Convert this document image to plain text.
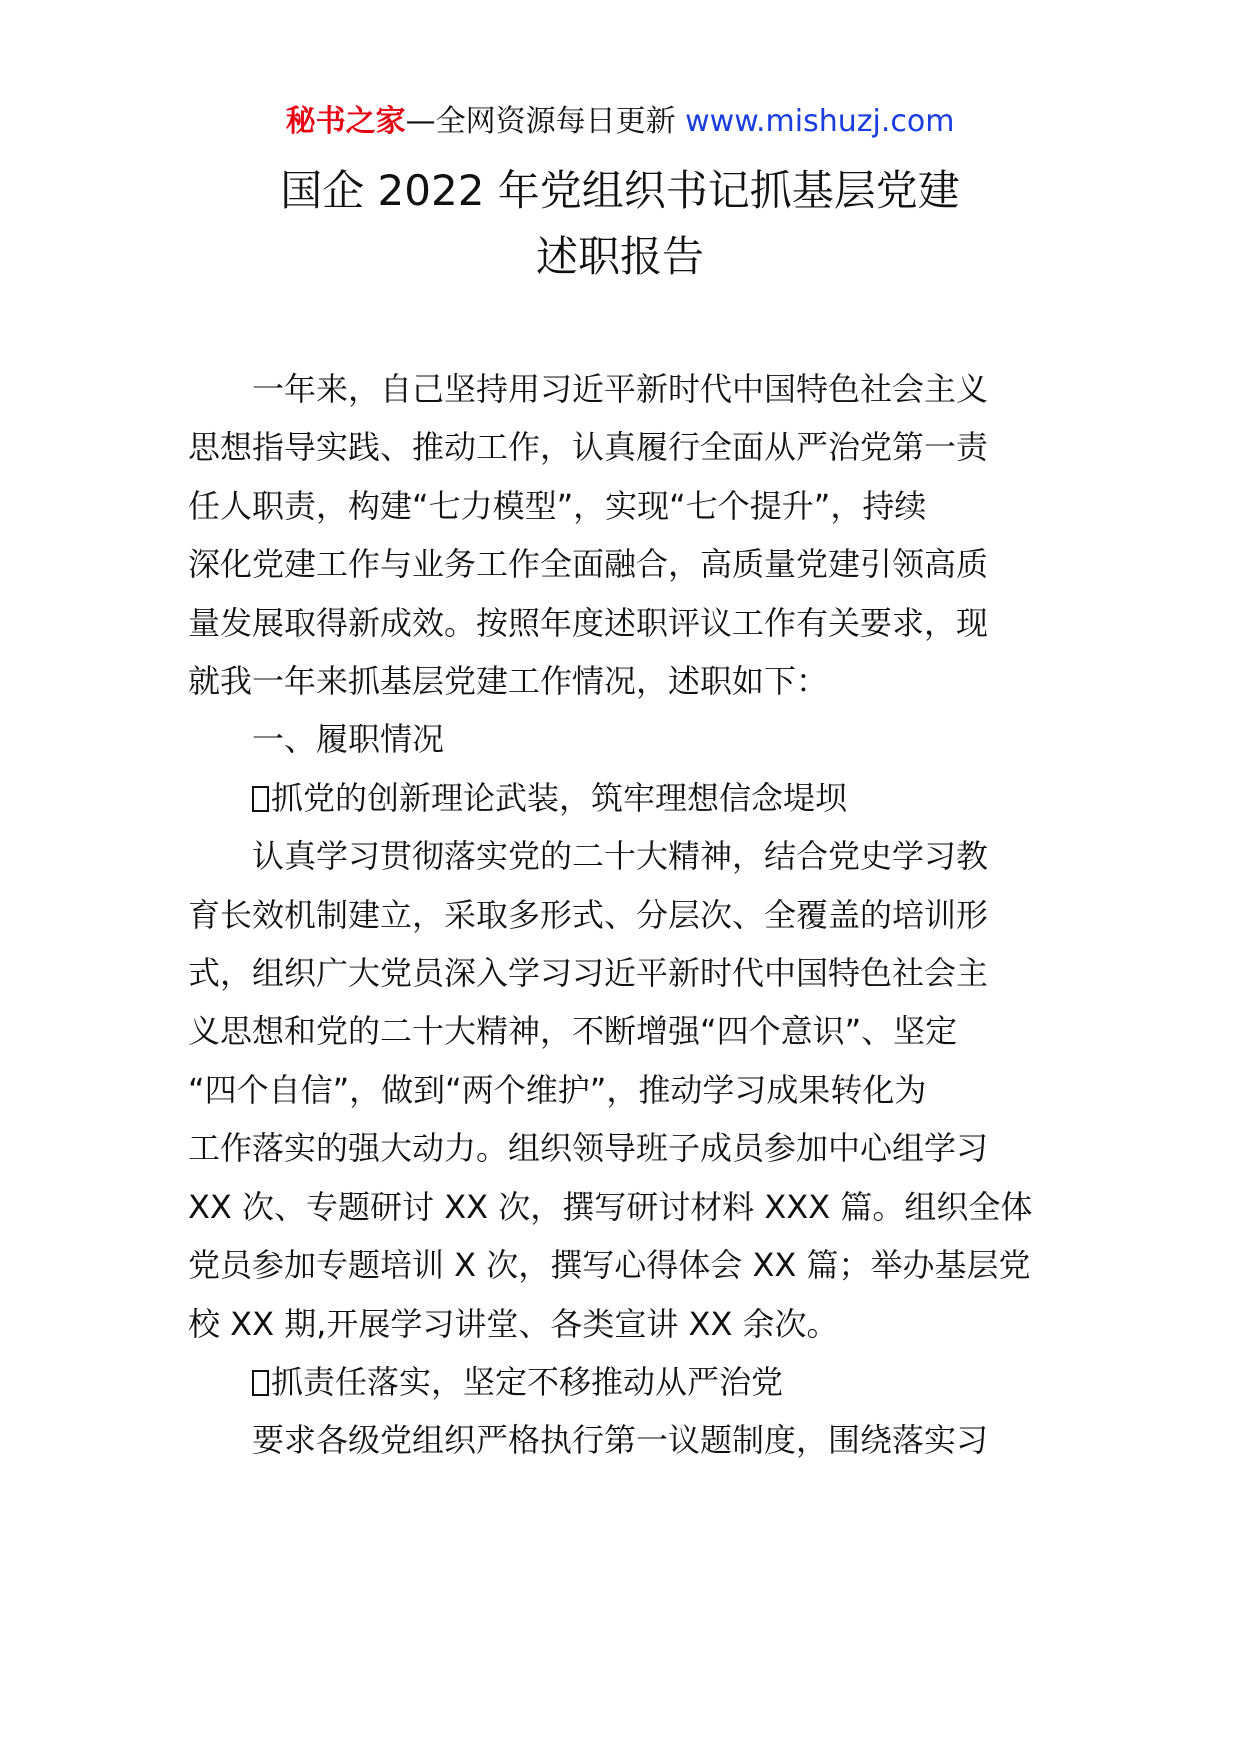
秘书之家—全网资源每日更新 www.mishuzj.com
国企 2022 年党组织书记抓基层党建
述职报告
一年来，自己坚持用习近平新时代中国特色社会主义
思想指导实践、推动工作，认真履行全面从严治党第一责
任人职责，构建“七力模型”，实现“七个提升”，持续
深化党建工作与业务工作全面融合，高质量党建引领高质
量发展取得新成效。按照年度述职评议工作有关要求，现
就我一年来抓基层党建工作情况，述职如下：
一、履职情况
抓党的创新理论武装，筑牢理想信念堤坝
认真学习贯彻落实党的二十大精神，结合党史学习教
育长效机制建立，采取多形式、分层次、全覆盖的培训形
式，组织广大党员深入学习习近平新时代中国特色社会主
义思想和党的二十大精神，不断增强“四个意识”、坚定
“四个自信”，做到“两个维护”，推动学习成果转化为
工作落实的强大动力。组织领导班子成员参加中心组学习
XX 次、专题研讨 XX 次，撰写研讨材料 XXX 篇。组织全体
党员参加专题培训 X 次，撰写心得体会 XX 篇；举办基层党
校 XX 期,开展学习讲堂、各类宣讲 XX 余次。
抓责任落实，坚定不移推动从严治党
要求各级党组织严格执行第一议题制度，围绕落实习
